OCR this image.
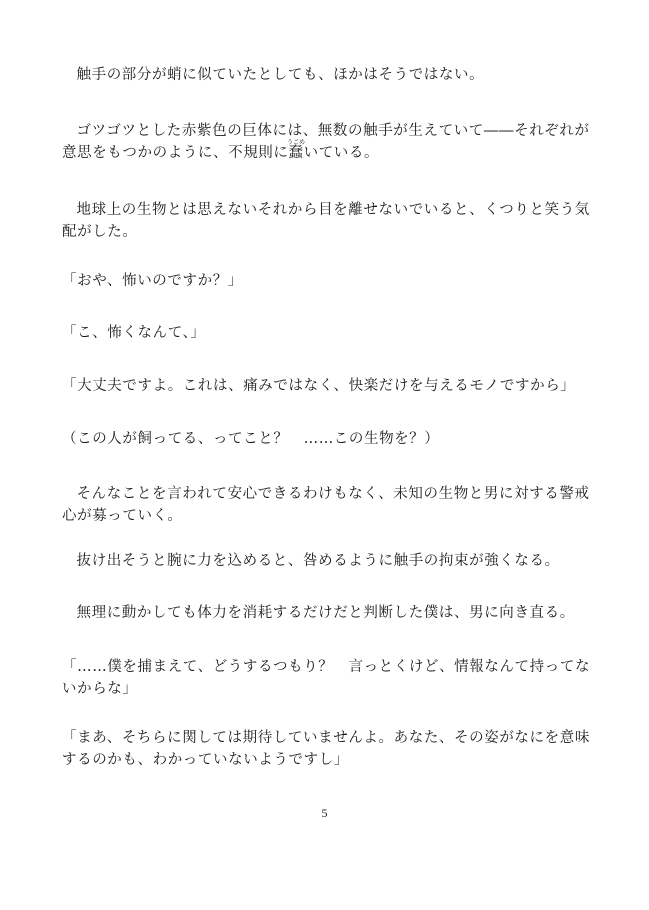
触手の部分が蛸に似ていたとしても、ほかはそうではない。

ゴツゴツとした赤紫色の巨体には、無数の触手が生えていて――それぞれが意思をもつかのように、不規則に蠢うごめいている。

地球上の生物とは思えないそれから目を離せないでいると、くつりと笑う気配がした。

「おや、怖いのですか？」

「こ、怖くなんて、」

「大丈夫ですよ。これは、痛みではなく、快楽だけを与えるモノですから」

（この人が飼ってる、ってこと？　……この生物を？）

そんなことを言われて安心できるわけもなく、未知の生物と男に対する警戒心が募っていく。

抜け出そうと腕に力を込めると、咎めるように触手の拘束が強くなる。

無理に動かしても体力を消耗するだけだと判断した僕は、男に向き直る。

「……僕を捕まえて、どうするつもり？　言っとくけど、情報なんて持ってないからな」

「まあ、そちらに関しては期待していませんよ。あなた、その姿がなにを意味するのかも、わかっていないようですし」

5
